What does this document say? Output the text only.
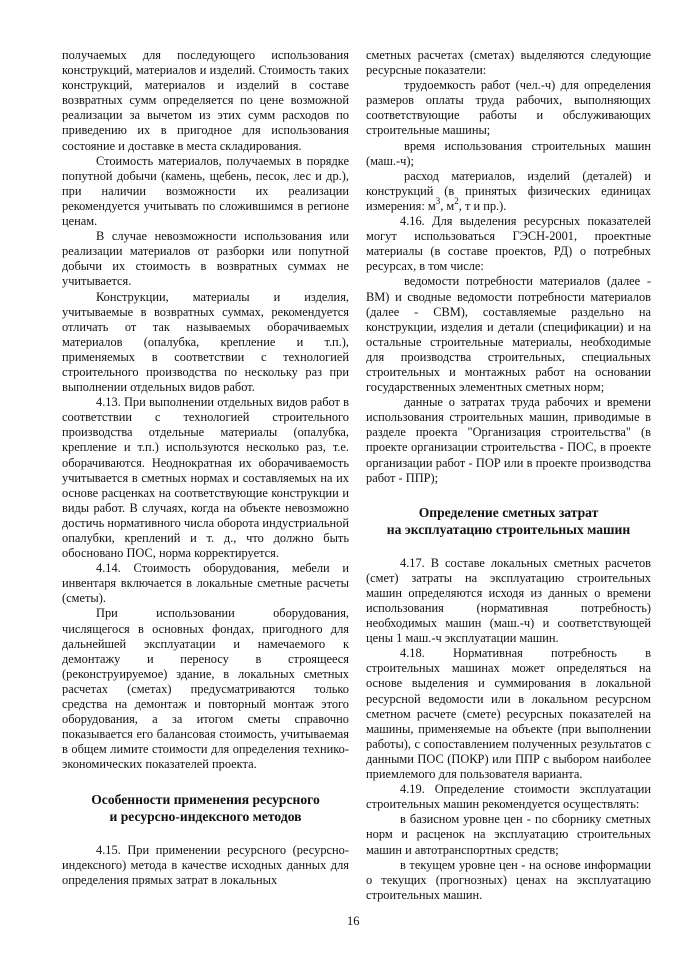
получаемых для последующего использования конструкций, материалов и изделий. Стоимость таких конструкций, материалов и изделий в составе возвратных сумм определяется по цене возможной реализации за вычетом из этих сумм расходов по приведению их в пригодное для использования состояние и доставке в места складирования.

Стоимость материалов, получаемых в порядке попутной добычи (камень, щебень, песок, лес и др.), при наличии возможности их реализации рекомендуется учитывать по сложившимся в регионе ценам.

В случае невозможности использования или реализации материалов от разборки или попутной добычи их стоимость в возвратных суммах не учитывается.

Конструкции, материалы и изделия, учитываемые в возвратных суммах, рекомендуется отличать от так называемых оборачиваемых материалов (опалубка, крепление и т.п.), применяемых в соответствии с технологией строительного производства по нескольку раз при выполнении отдельных видов работ.

4.13. При выполнении отдельных видов работ в соответствии с технологией строительного производства отдельные материалы (опалубка, крепление и т.п.) используются несколько раз, т.е. оборачиваются. Неоднократная их оборачиваемость учитывается в сметных нормах и составляемых на их основе расценках на соответствующие конструкции и виды работ. В случаях, когда на объекте невозможно достичь нормативного числа оборота индустриальной опалубки, креплений и т. д., что должно быть обосновано ПОС, норма корректируется.

4.14. Стоимость оборудования, мебели и инвентаря включается в локальные сметные расчеты (сметы).

При использовании оборудования, числящегося в основных фондах, пригодного для дальнейшей эксплуатации и намечаемого к демонтажу и переносу в строящееся (реконструируемое) здание, в локальных сметных расчетах (сметах) предусматриваются только средства на демонтаж и повторный монтаж этого оборудования, а за итогом сметы справочно показывается его балансовая стоимость, учитываемая в общем лимите стоимости для определения технико-экономических показателей проекта.

Особенности применения ресурсного
и ресурсно-индексного методов

4.15. При применении ресурсного (ресурсно-индексного) метода в качестве исходных данных для определения прямых затрат в локальных

сметных расчетах (сметах) выделяются следующие ресурсные показатели:

трудоемкость работ (чел.-ч) для определения размеров оплаты труда рабочих, выполняющих соответствующие работы и обслуживающих строительные машины;

время использования строительных машин (маш.-ч);

расход материалов, изделий (деталей) и конструкций (в принятых физических единицах измерения: $м^3$, $м^2$, т и пр.).

4.16. Для выделения ресурсных показателей могут использоваться ГЭСН-2001, проектные материалы (в составе проектов, РД) о потребных ресурсах, в том числе:

ведомости потребности материалов (далее - ВМ) и сводные ведомости потребности материалов (далее - СВМ), составляемые раздельно на конструкции, изделия и детали (спецификации) и на остальные строительные материалы, необходимые для производства строительных, специальных строительных и монтажных работ на основании государственных элементных сметных норм;

данные о затратах труда рабочих и времени использования строительных машин, приводимые в разделе проекта "Организация строительства" (в проекте организации строительства - ПОС, в проекте организации работ - ПОР или в проекте производства работ - ППР);

Определение сметных затрат
на эксплуатацию строительных машин

4.17. В составе локальных сметных расчетов (смет) затраты на эксплуатацию строительных машин определяются исходя из данных о времени использования (нормативная потребность) необходимых машин (маш.-ч) и соответствующей цены 1 маш.-ч эксплуатации машин.

4.18. Нормативная потребность в строительных машинах может определяться на основе выделения и суммирования в локальной ресурсной ведомости или в локальном ресурсном сметном расчете (смете) ресурсных показателей на машины, применяемые на объекте (при выполнении работы), с сопоставлением полученных результатов с данными ПОС (ПОКР) или ППР с выбором наиболее приемлемого для пользователя варианта.

4.19. Определение стоимости эксплуатации строительных машин рекомендуется осуществлять:

в базисном уровне цен - по сборнику сметных норм и расценок на эксплуатацию строительных машин и автотранспортных средств;

в текущем уровне цен - на основе информации о текущих (прогнозных) ценах на эксплуатацию строительных машин.

16
